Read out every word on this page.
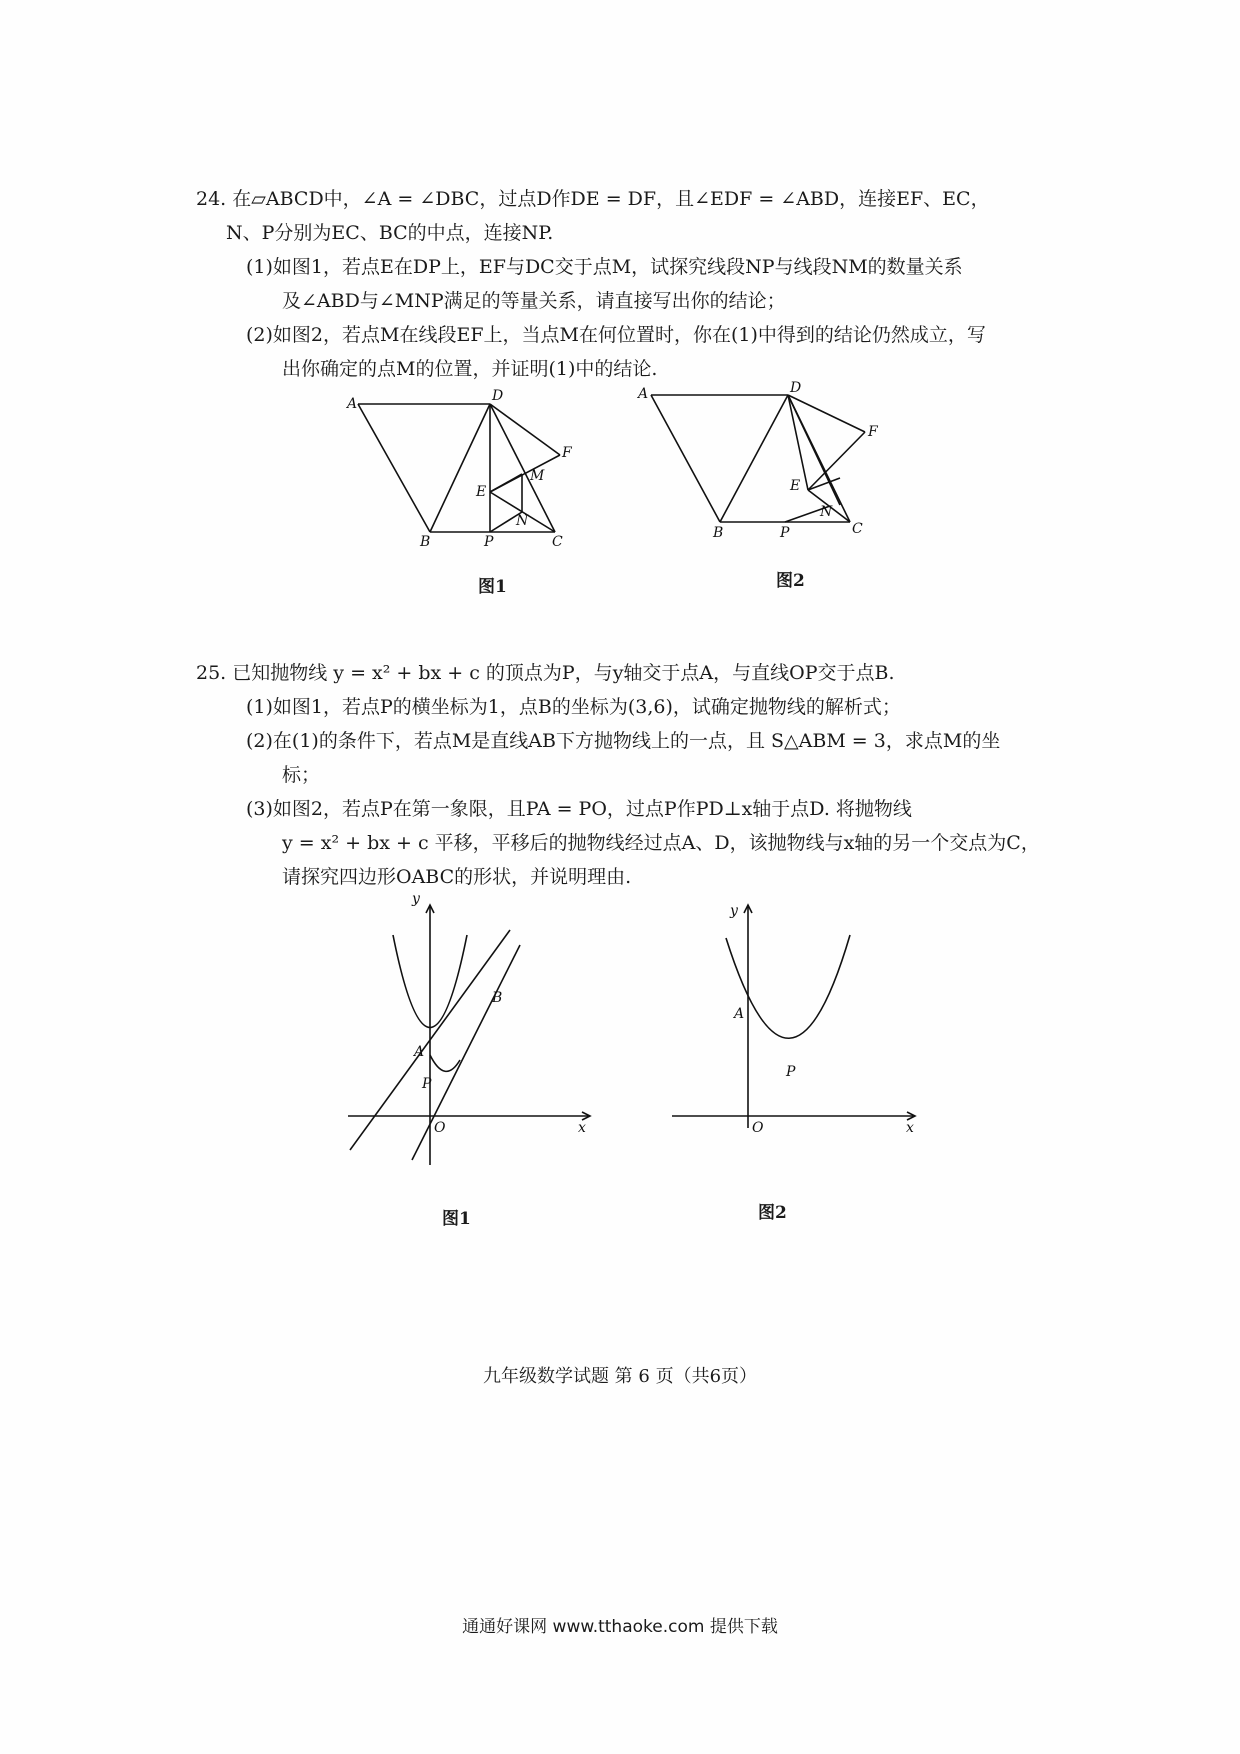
24. 在▱ABCD中，∠A = ∠DBC，过点D作DE = DF，且∠EDF = ∠ABD，连接EF、EC，
N、P分别为EC、BC的中点，连接NP.
(1)如图1，若点E在DP上，EF与DC交于点M，试探究线段NP与线段NM的数量关系
及∠ABD与∠MNP满足的等量关系，请直接写出你的结论；
(2)如图2，若点M在线段EF上，当点M在何位置时，你在(1)中得到的结论仍然成立，写
出你确定的点M的位置，并证明(1)中的结论.
A	D
F
M
E
N
B	P	C
图1
A	D
F
E
N
B	P	C
图2
25. 已知抛物线 y = x² + bx + c 的顶点为P，与y轴交于点A，与直线OP交于点B.
(1)如图1，若点P的横坐标为1，点B的坐标为(3,6)，试确定抛物线的解析式；
(2)在(1)的条件下，若点M是直线AB下方抛物线上的一点，且 S△ABM = 3，求点M的坐
标；
(3)如图2，若点P在第一象限，且PA = PO，过点P作PD⊥x轴于点D. 将抛物线
y = x² + bx + c 平移，平移后的抛物线经过点A、D，该抛物线与x轴的另一个交点为C，
请探究四边形OABC的形状，并说明理由.
y
x
O
A
B
P
图1
y
x
O
A
P
图2
九年级数学试题 第 6 页（共6页）
通通好课网 www.tthaoke.com 提供下载
